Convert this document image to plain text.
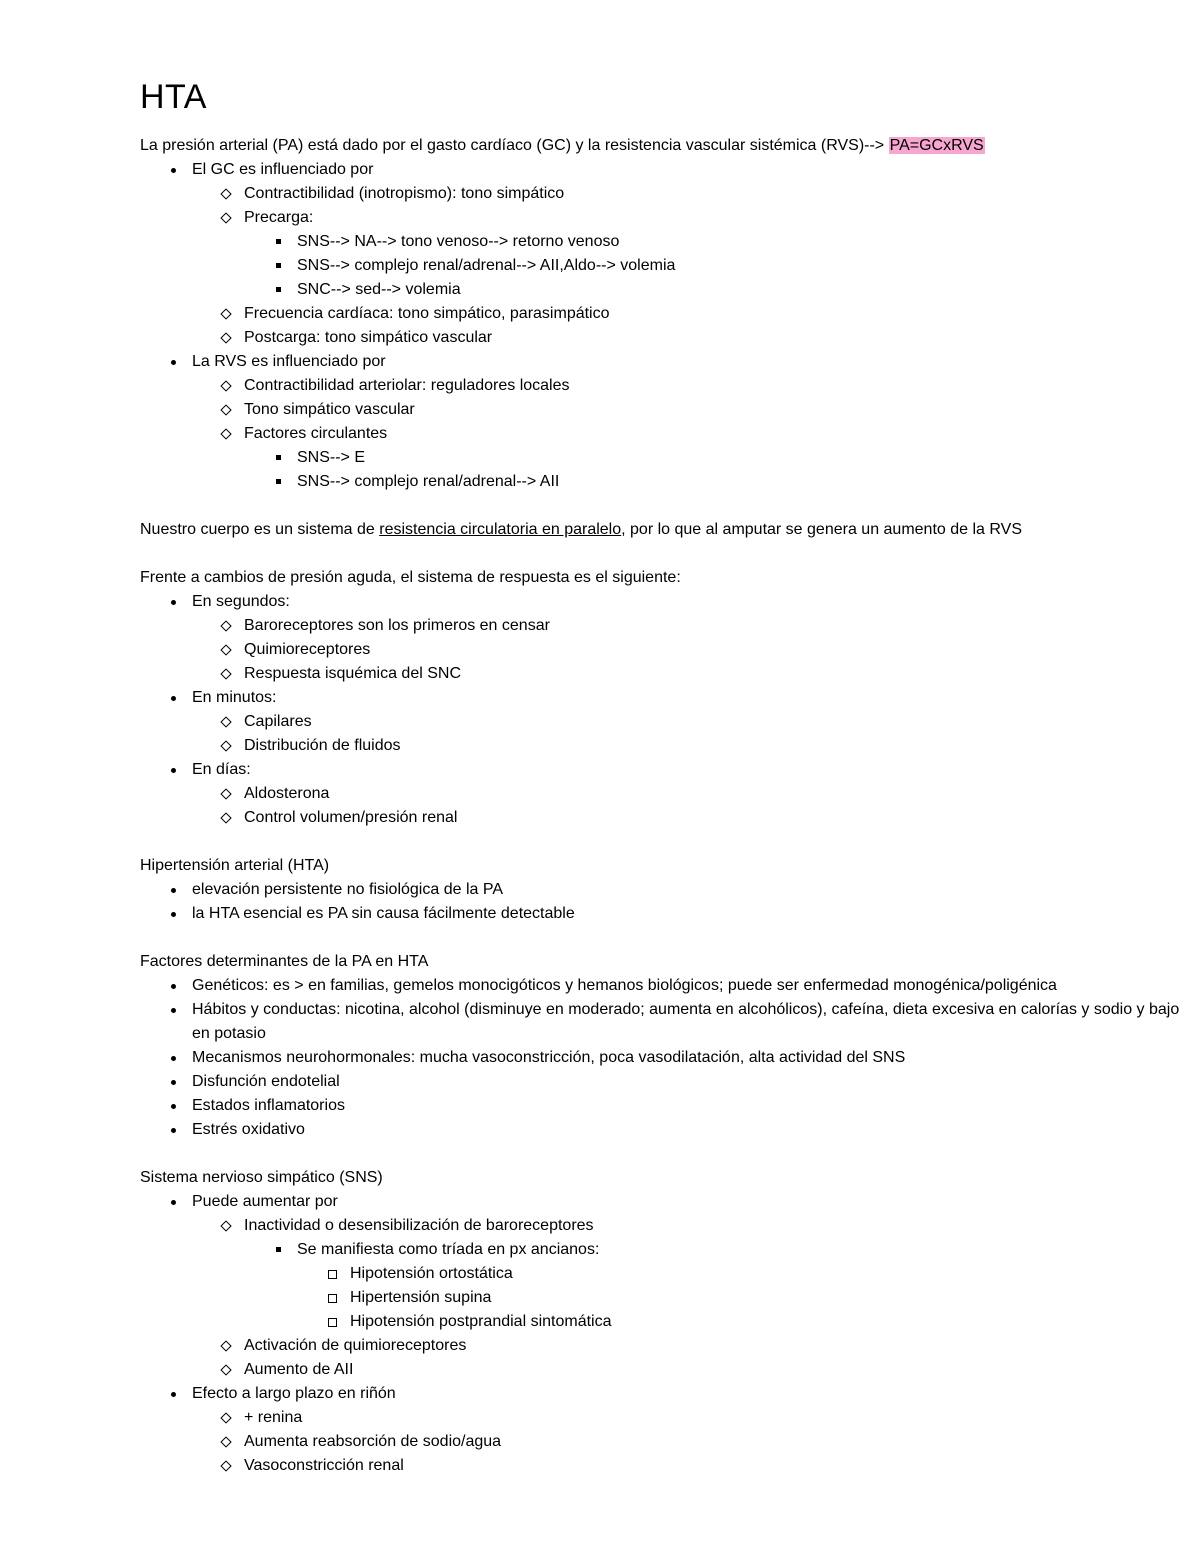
HTA
La presión arterial (PA) está dado por el gasto cardíaco (GC) y la resistencia vascular sistémica (RVS)--> PA=GCxRVS
El GC es influenciado por
Contractibilidad (inotropismo): tono simpático
Precarga:
SNS--> NA--> tono venoso--> retorno venoso
SNS--> complejo renal/adrenal--> AII,Aldo--> volemia
SNC--> sed--> volemia
Frecuencia cardíaca: tono simpático, parasimpático
Postcarga: tono simpático vascular
La RVS es influenciado por
Contractibilidad arteriolar: reguladores locales
Tono simpático vascular
Factores circulantes
SNS--> E
SNS--> complejo renal/adrenal--> AII
Nuestro cuerpo es un sistema de resistencia circulatoria en paralelo, por lo que al amputar se genera un aumento de la RVS
Frente a cambios de presión aguda, el sistema de respuesta es el siguiente:
En segundos:
Baroreceptores son los primeros en censar
Quimioreceptores
Respuesta isquémica del SNC
En minutos:
Capilares
Distribución de fluidos
En días:
Aldosterona
Control volumen/presión renal
Hipertensión arterial (HTA)
elevación persistente no fisiológica de la PA
la HTA esencial es PA sin causa fácilmente detectable
Factores determinantes de la PA en HTA
Genéticos: es > en familias, gemelos monocigóticos y hemanos biológicos; puede ser enfermedad monogénica/poligénica
Hábitos y conductas: nicotina, alcohol (disminuye en moderado; aumenta en alcohólicos), cafeína, dieta excesiva en calorías y sodio y bajo en potasio
Mecanismos neurohormonales: mucha vasoconstricción, poca vasodilatación, alta actividad del SNS
Disfunción endotelial
Estados inflamatorios
Estrés oxidativo
Sistema nervioso simpático (SNS)
Puede aumentar por
Inactividad o desensibilización de baroreceptores
Se manifiesta como tríada en px ancianos:
Hipotensión ortostática
Hipertensión supina
Hipotensión postprandial sintomática
Activación de quimioreceptores
Aumento de AII
Efecto a largo plazo en riñón
+ renina
Aumenta reabsorción de sodio/agua
Vasoconstricción renal
